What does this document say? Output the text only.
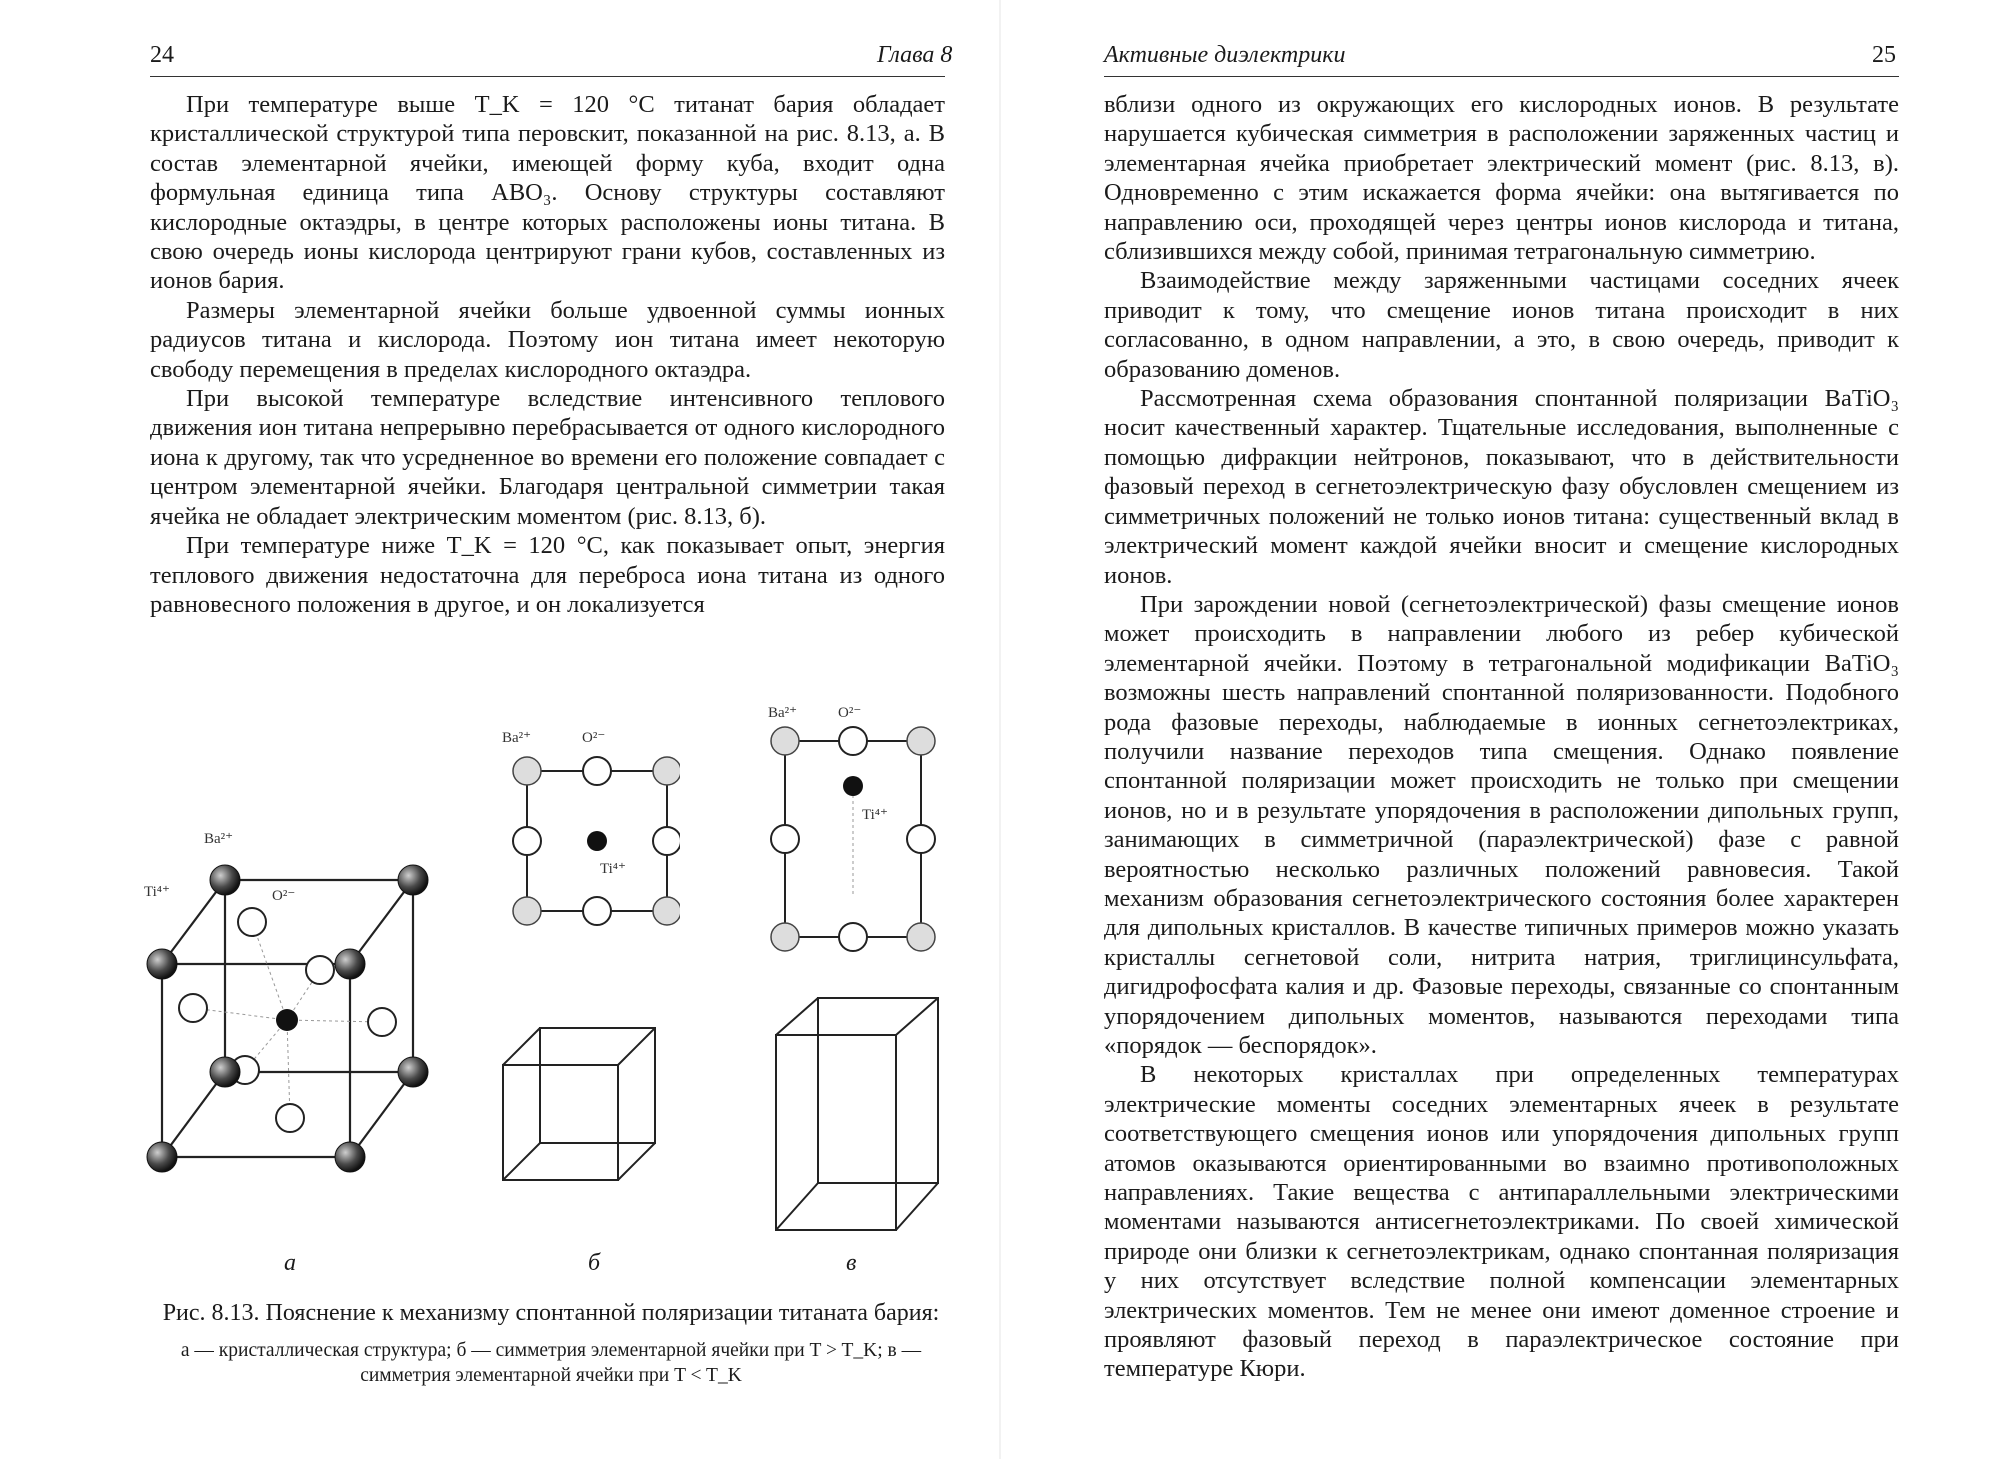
24	Глава 8

При температуре выше T_K = 120 °C титанат бария обладает кристаллической структурой типа перовскит, показанной на рис. 8.13, а. В состав элементарной ячейки, имеющей форму куба, входит одна формульная единица типа ABO₃. Основу структуры составляют кислородные октаэдры, в центре которых расположены ионы титана. В свою очередь ионы кислорода центрируют грани кубов, составленных из ионов бария.

Размеры элементарной ячейки больше удвоенной суммы ионных радиусов титана и кислорода. Поэтому ион титана имеет некоторую свободу перемещения в пределах кислородного октаэдра.

При высокой температуре вследствие интенсивного теплового движения ион титана непрерывно перебрасывается от одного кислородного иона к другому, так что усредненное во времени его положение совпадает с центром элементарной ячейки. Благодаря центральной симметрии такая ячейка не обладает электрическим моментом (рис. 8.13, б).

При температуре ниже T_K = 120 °C, как показывает опыт, энергия теплового движения недостаточна для переброса иона титана из одного равновесного положения в другое, и он локализуется

Ba²⁺
Ti⁴⁺	O²⁻
Ba²⁺	O²⁻
Ti⁴⁺
Ba²⁺	O²⁻
Ti⁴⁺
а	б	в
Рис. 8.13. Пояснение к механизму спонтанной поляризации титаната бария:
а — кристаллическая структура; б — симметрия элементарной ячейки при T > T_K; в — симметрия элементарной ячейки при T < T_K
Активные диэлектрики	25

вблизи одного из окружающих его кислородных ионов. В результате нарушается кубическая симметрия в расположении заряженных частиц и элементарная ячейка приобретает электрический момент (рис. 8.13, в). Одновременно с этим искажается форма ячейки: она вытягивается по направлению оси, проходящей через центры ионов кислорода и титана, сблизившихся между собой, принимая тетрагональную симметрию.

Взаимодействие между заряженными частицами соседних ячеек приводит к тому, что смещение ионов титана происходит в них согласованно, в одном направлении, а это, в свою очередь, приводит к образованию доменов.

Рассмотренная схема образования спонтанной поляризации BaTiO₃ носит качественный характер. Тщательные исследования, выполненные с помощью дифракции нейтронов, показывают, что в действительности фазовый переход в сегнетоэлектрическую фазу обусловлен смещением из симметричных положений не только ионов титана: существенный вклад в электрический момент каждой ячейки вносит и смещение кислородных ионов.

При зарождении новой (сегнетоэлектрической) фазы смещение ионов может происходить в направлении любого из ребер кубической элементарной ячейки. Поэтому в тетрагональной модификации BaTiO₃ возможны шесть направлений спонтанной поляризованности. Подобного рода фазовые переходы, наблюдаемые в ионных сегнетоэлектриках, получили название переходов типа смещения. Однако появление спонтанной поляризации может происходить не только при смещении ионов, но и в результате упорядочения в расположении дипольных групп, занимающих в симметричной (параэлектрической) фазе с равной вероятностью несколько различных положений равновесия. Такой механизм образования сегнетоэлектрического состояния более характерен для дипольных кристаллов. В качестве типичных примеров можно указать кристаллы сегнетовой соли, нитрита натрия, триглицинсульфата, дигидрофосфата калия и др. Фазовые переходы, связанные со спонтанным упорядочением дипольных моментов, называются переходами типа «порядок — беспорядок».

В некоторых кристаллах при определенных температурах электрические моменты соседних элементарных ячеек в результате соответствующего смещения ионов или упорядочения дипольных групп атомов оказываются ориентированными во взаимно противоположных направлениях. Такие вещества с антипараллельными электрическими моментами называются антисегнетоэлектриками. По своей химической природе они близки к сегнетоэлектрикам, однако спонтанная поляризация у них отсутствует вследствие полной компенсации элементарных электрических моментов. Тем не менее они имеют доменное строение и проявляют фазовый переход в параэлектрическое состояние при температуре Кюри.
